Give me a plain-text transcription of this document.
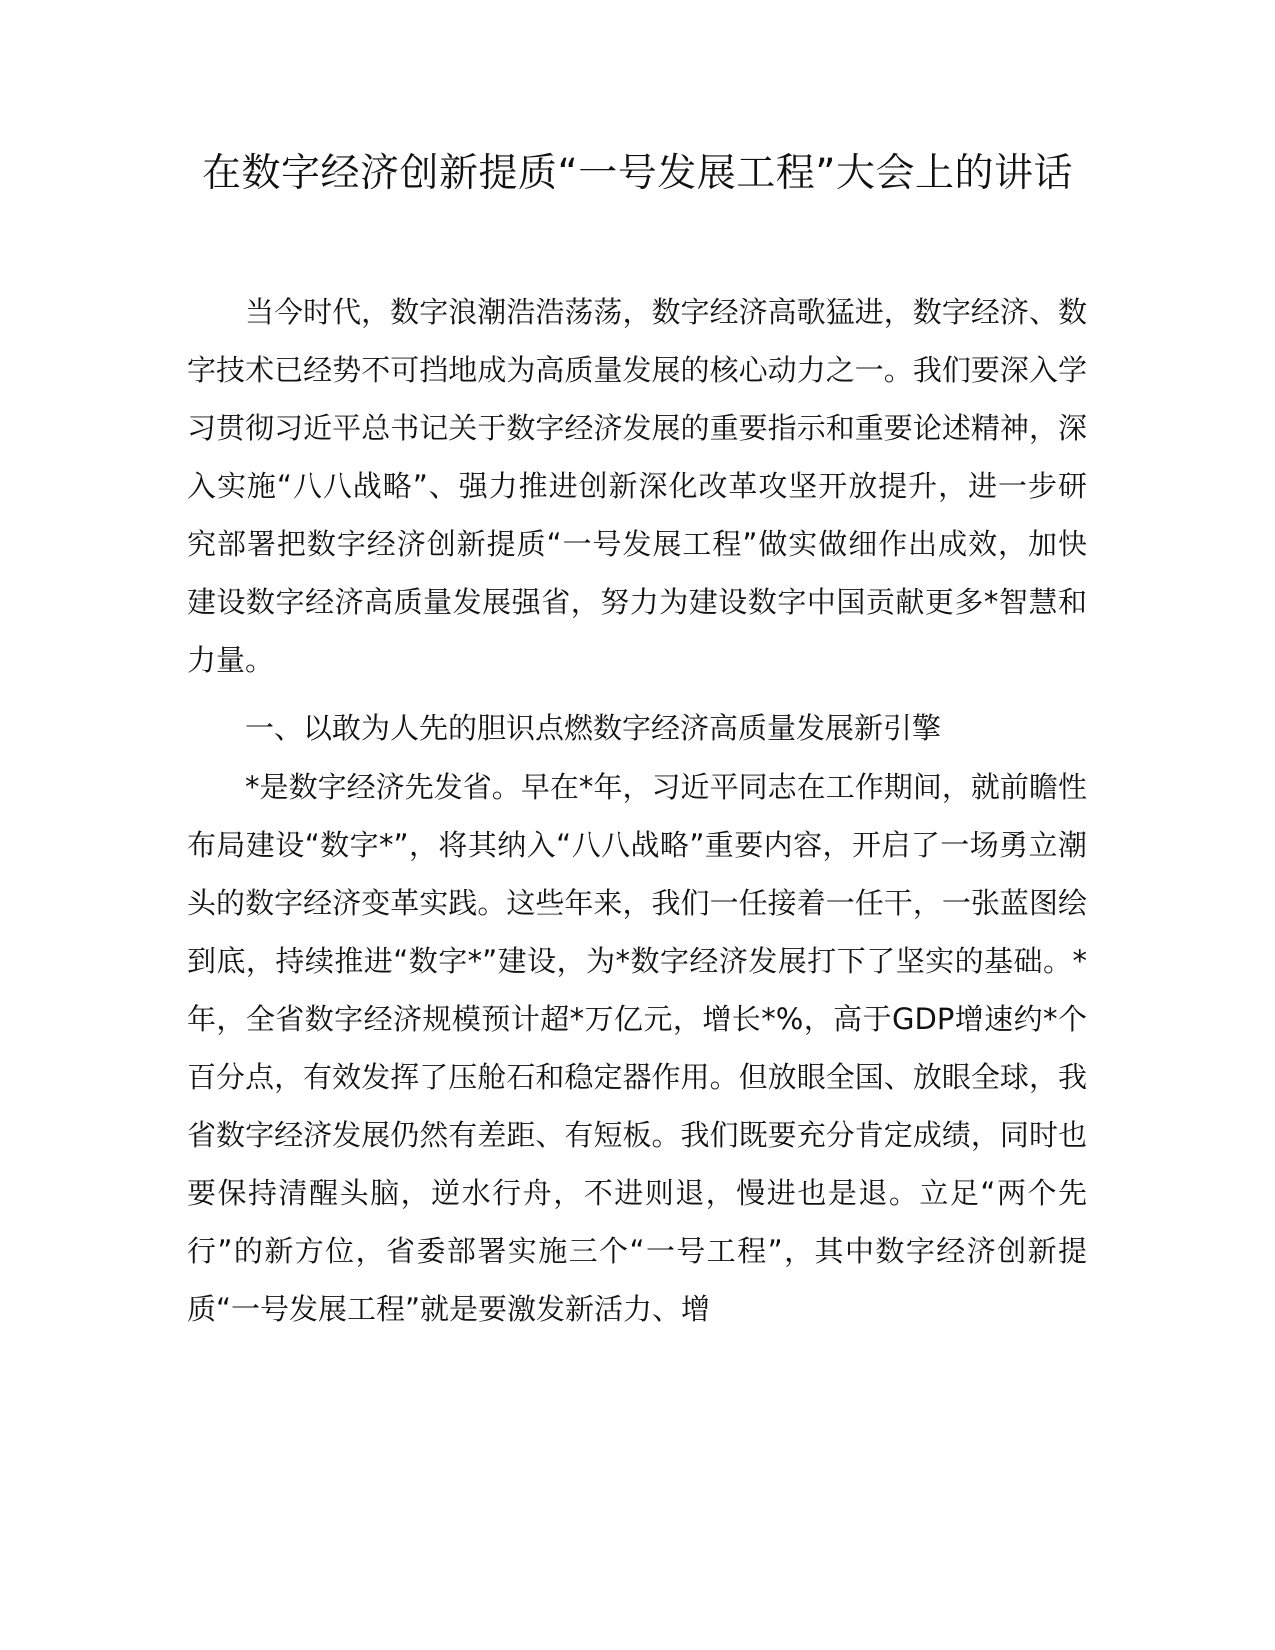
在数字经济创新提质“一号发展工程”大会上的讲话

当今时代，数字浪潮浩浩荡荡，数字经济高歌猛进，数字经济、数字技术已经势不可挡地成为高质量发展的核心动力之一。我们要深入学习贯彻习近平总书记关于数字经济发展的重要指示和重要论述精神，深入实施“八八战略”、强力推进创新深化改革攻坚开放提升，进一步研究部署把数字经济创新提质“一号发展工程”做实做细作出成效，加快建设数字经济高质量发展强省，努力为建设数字中国贡献更多*智慧和力量。

一、以敢为人先的胆识点燃数字经济高质量发展新引擎

*是数字经济先发省。早在*年，习近平同志在工作期间，就前瞻性布局建设“数字*”，将其纳入“八八战略”重要内容，开启了一场勇立潮头的数字经济变革实践。这些年来，我们一任接着一任干，一张蓝图绘到底，持续推进“数字*”建设，为*数字经济发展打下了坚实的基础。*年，全省数字经济规模预计超*万亿元，增长*%，高于GDP增速约*个百分点，有效发挥了压舱石和稳定器作用。但放眼全国、放眼全球，我省数字经济发展仍然有差距、有短板。我们既要充分肯定成绩，同时也要保持清醒头脑，逆水行舟，不进则退，慢进也是退。立足“两个先行”的新方位，省委部署实施三个“一号工程”，其中数字经济创新提质“一号发展工程”就是要激发新活力、增
